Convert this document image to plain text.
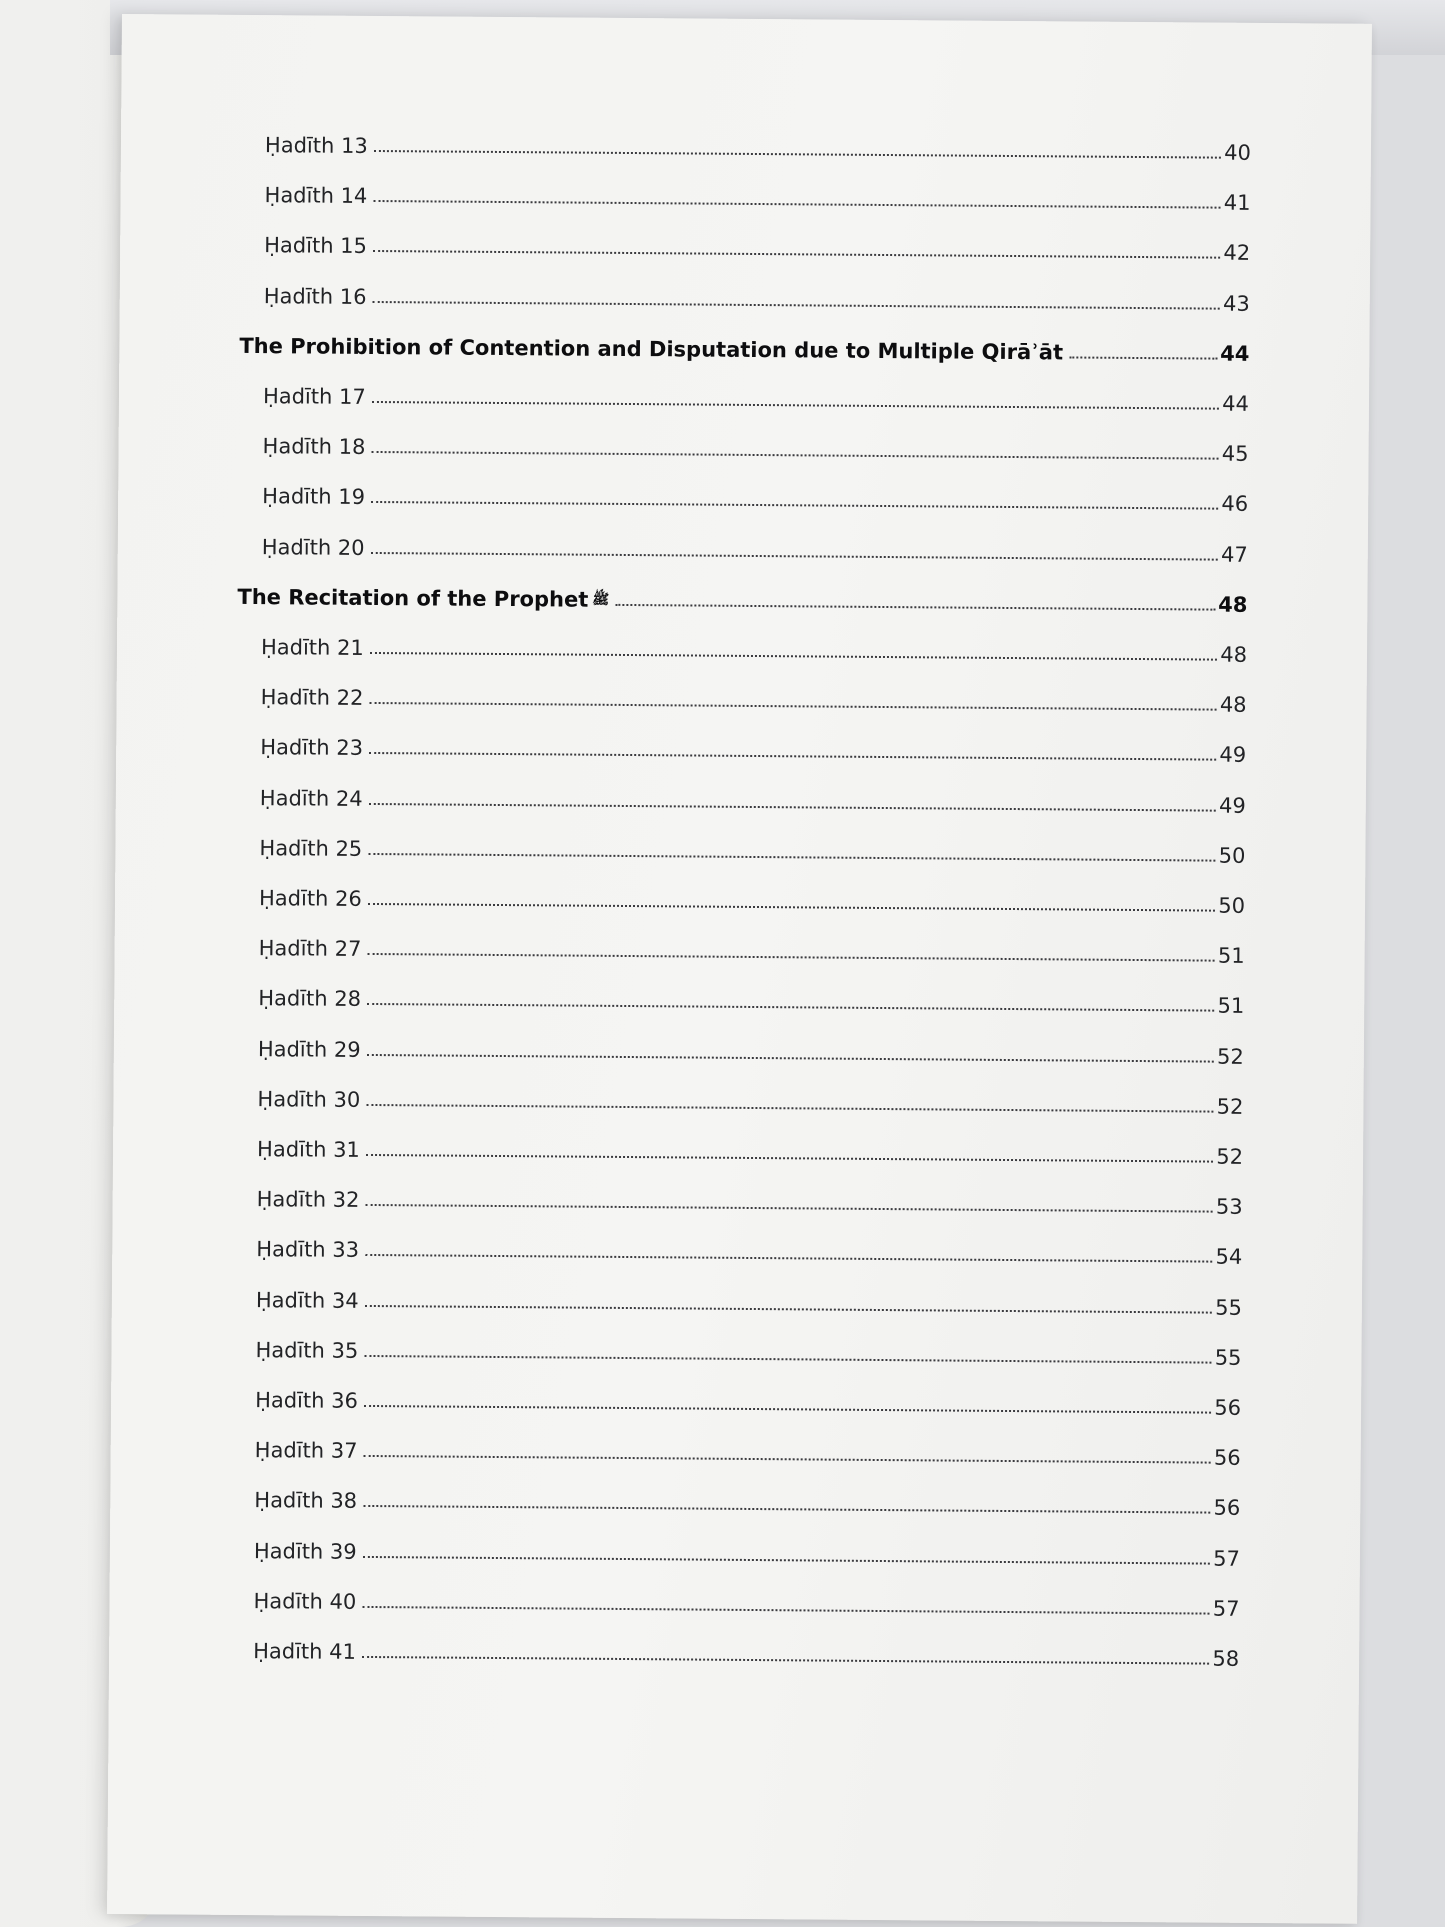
Ḥadīth 13	40
Ḥadīth 14	41
Ḥadīth 15	42
Ḥadīth 16	43
The Prohibition of Contention and Disputation due to Multiple Qirāʾāt	44
Ḥadīth 17	44
Ḥadīth 18	45
Ḥadīth 19	46
Ḥadīth 20	47
The Recitation of the Prophet ﷺ	48
Ḥadīth 21	48
Ḥadīth 22	48
Ḥadīth 23	49
Ḥadīth 24	49
Ḥadīth 25	50
Ḥadīth 26	50
Ḥadīth 27	51
Ḥadīth 28	51
Ḥadīth 29	52
Ḥadīth 30	52
Ḥadīth 31	52
Ḥadīth 32	53
Ḥadīth 33	54
Ḥadīth 34	55
Ḥadīth 35	55
Ḥadīth 36	56
Ḥadīth 37	56
Ḥadīth 38	56
Ḥadīth 39	57
Ḥadīth 40	57
Ḥadīth 41	58
